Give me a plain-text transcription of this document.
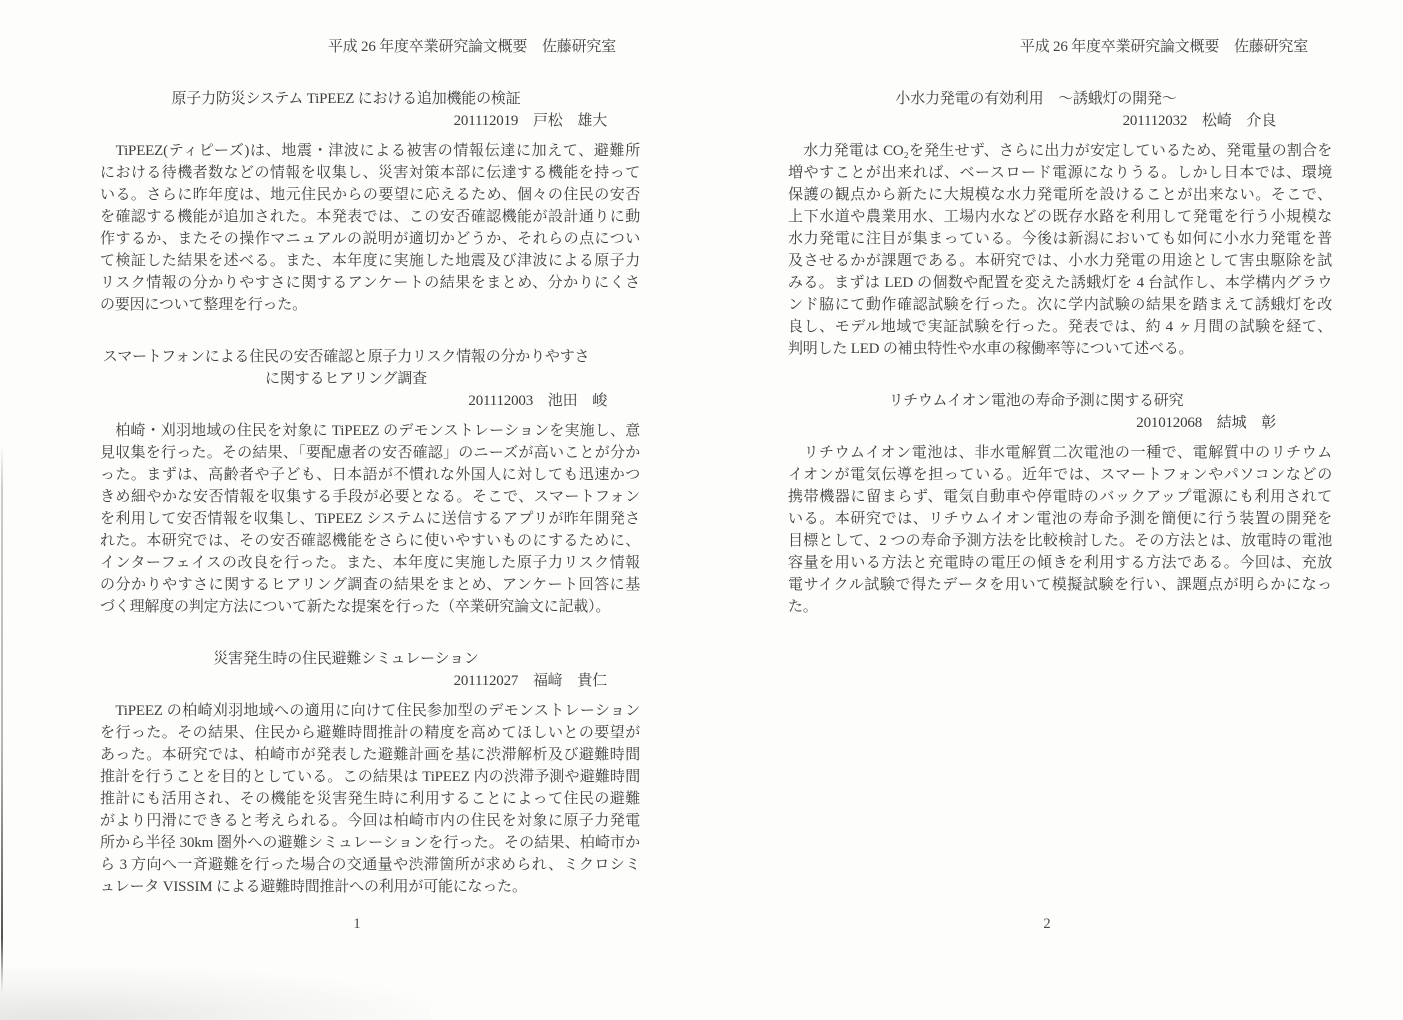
平成 26 年度卒業研究論文概要　佐藤研究室
原子力防災システム TiPEEZ における追加機能の検証
201112019　戸松　雄大
　TiPEEZ(ティピーズ)は、地震・津波による被害の情報伝達に加えて、避難所
における待機者数などの情報を収集し、災害対策本部に伝達する機能を持って
いる。さらに昨年度は、地元住民からの要望に応えるため、個々の住民の安否
を確認する機能が追加された。本発表では、この安否確認機能が設計通りに動
作するか、またその操作マニュアルの説明が適切かどうか、それらの点につい
て検証した結果を述べる。また、本年度に実施した地震及び津波による原子力
リスク情報の分かりやすさに関するアンケートの結果をまとめ、分かりにくさ
の要因について整理を行った。
スマートフォンによる住民の安否確認と原子力リスク情報の分かりやすさ
に関するヒアリング調査
201112003　池田　峻
　柏崎・刈羽地域の住民を対象に TiPEEZ のデモンストレーションを実施し、意
見収集を行った。その結果、「要配慮者の安否確認」のニーズが高いことが分か
った。まずは、高齢者や子ども、日本語が不慣れな外国人に対しても迅速かつ
きめ細やかな安否情報を収集する手段が必要となる。そこで、スマートフォン
を利用して安否情報を収集し、TiPEEZ システムに送信するアプリが昨年開発さ
れた。本研究では、その安否確認機能をさらに使いやすいものにするために、
インターフェイスの改良を行った。また、本年度に実施した原子力リスク情報
の分かりやすさに関するヒアリング調査の結果をまとめ、アンケート回答に基
づく理解度の判定方法について新たな提案を行った（卒業研究論文に記載）。
災害発生時の住民避難シミュレーション
201112027　福﨑　貴仁
　TiPEEZ の柏崎刈羽地域への適用に向けて住民参加型のデモンストレーション
を行った。その結果、住民から避難時間推計の精度を高めてほしいとの要望が
あった。本研究では、柏崎市が発表した避難計画を基に渋滞解析及び避難時間
推計を行うことを目的としている。この結果は TiPEEZ 内の渋滞予測や避難時間
推計にも活用され、その機能を災害発生時に利用することによって住民の避難
がより円滑にできると考えられる。今回は柏崎市内の住民を対象に原子力発電
所から半径 30km 圏外への避難シミュレーションを行った。その結果、柏崎市か
ら 3 方向へ一斉避難を行った場合の交通量や渋滞箇所が求められ、ミクロシミ
ュレータ VISSIM による避難時間推計への利用が可能になった。
1
平成 26 年度卒業研究論文概要　佐藤研究室
小水力発電の有効利用　～誘蛾灯の開発～
201112032　松崎　介良
　水力発電は CO₂を発生せず、さらに出力が安定しているため、発電量の割合を
増やすことが出来れば、ベースロード電源になりうる。しかし日本では、環境
保護の観点から新たに大規模な水力発電所を設けることが出来ない。そこで、
上下水道や農業用水、工場内水などの既存水路を利用して発電を行う小規模な
水力発電に注目が集まっている。今後は新潟においても如何に小水力発電を普
及させるかが課題である。本研究では、小水力発電の用途として害虫駆除を試
みる。まずは LED の個数や配置を変えた誘蛾灯を 4 台試作し、本学構内グラウ
ンド脇にて動作確認試験を行った。次に学内試験の結果を踏まえて誘蛾灯を改
良し、モデル地域で実証試験を行った。発表では、約 4 ヶ月間の試験を経て、
判明した LED の補虫特性や水車の稼働率等について述べる。
リチウムイオン電池の寿命予測に関する研究
201012068　結城　彰
　リチウムイオン電池は、非水電解質二次電池の一種で、電解質中のリチウム
イオンが電気伝導を担っている。近年では、スマートフォンやパソコンなどの
携帯機器に留まらず、電気自動車や停電時のバックアップ電源にも利用されて
いる。本研究では、リチウムイオン電池の寿命予測を簡便に行う装置の開発を
目標として、2 つの寿命予測方法を比較検討した。その方法とは、放電時の電池
容量を用いる方法と充電時の電圧の傾きを利用する方法である。今回は、充放
電サイクル試験で得たデータを用いて模擬試験を行い、課題点が明らかになっ
た。
2
